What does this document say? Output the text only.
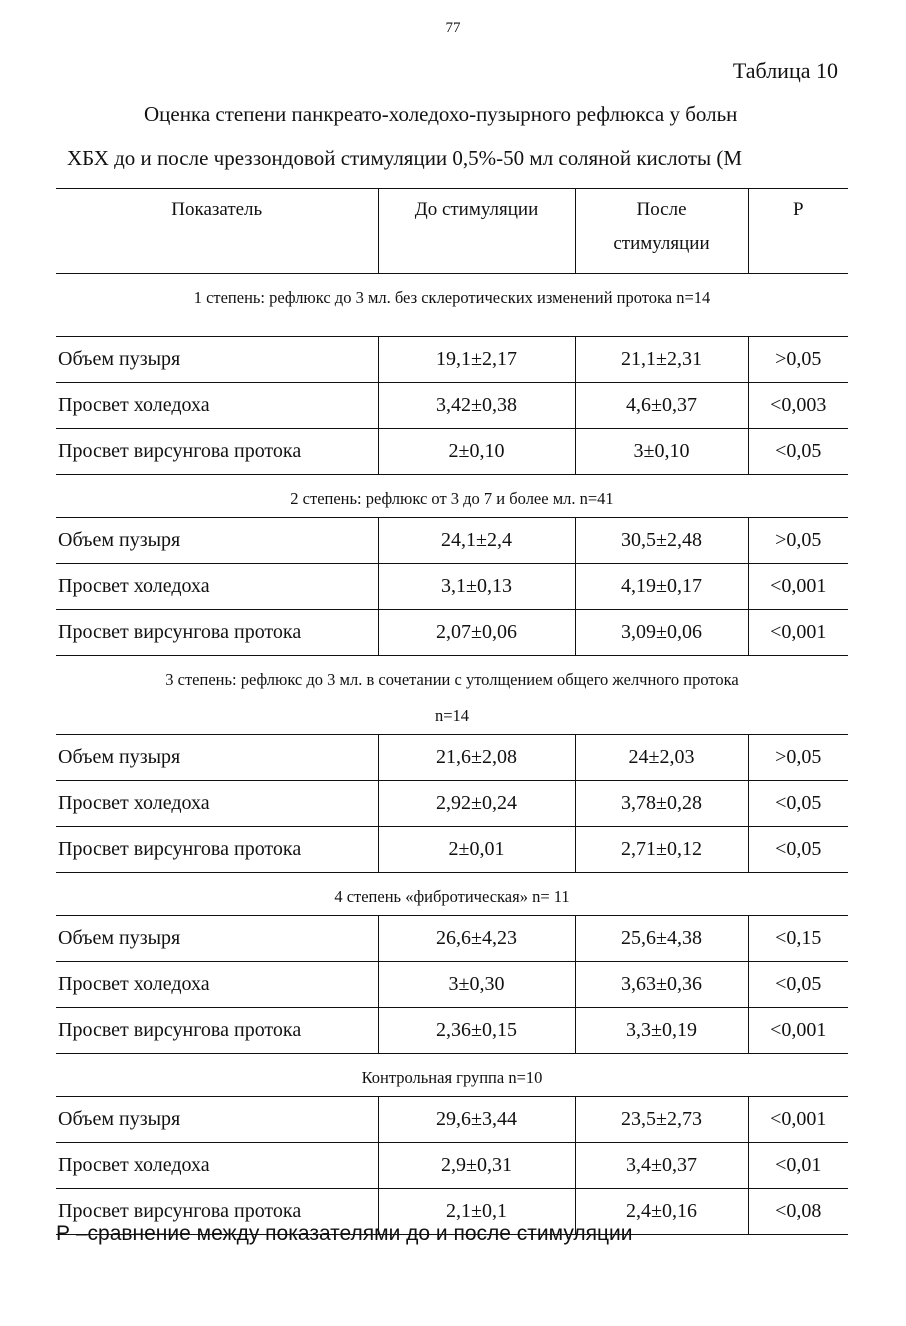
77
Таблица 10
Оценка степени панкреато-холедохо-пузырного рефлюкса у больн
ХБХ до и после чреззондовой стимуляции 0,5%-50 мл соляной кислоты (M
Показатель	До стимуляции	После
стимуляции	Р

1 степень: рефлюкс до 3 мл. без склеротических изменений протока n=14			

Объем пузыря	19,1±2,17	21,1±2,31	>0,05
Просвет холедоха	3,42±0,38	4,6±0,37	<0,003
Просвет вирсунгова протока	2±0,10	3±0,10	<0,05

2 степень: рефлюкс от 3 до 7 и более мл. n=41			

Объем пузыря	24,1±2,4	30,5±2,48	>0,05
Просвет холедоха	3,1±0,13	4,19±0,17	<0,001
Просвет вирсунгова протока	2,07±0,06	3,09±0,06	<0,001

3 степень: рефлюкс до 3 мл. в сочетании с утолщением общего желчного протока
n=14			

Объем пузыря	21,6±2,08	24±2,03	>0,05
Просвет холедоха	2,92±0,24	3,78±0,28	<0,05
Просвет вирсунгова протока	2±0,01	2,71±0,12	<0,05

4 степень «фибротическая» n= 11			

Объем пузыря	26,6±4,23	25,6±4,38	<0,15
Просвет холедоха	3±0,30	3,63±0,36	<0,05
Просвет вирсунгова протока	2,36±0,15	3,3±0,19	<0,001

Контрольная группа n=10			

Объем пузыря	29,6±3,44	23,5±2,73	<0,001
Просвет холедоха	2,9±0,31	3,4±0,37	<0,01
Просвет вирсунгова протока	2,1±0,1	2,4±0,16	<0,08
Р –сравнение между показателями до и после стимуляции
